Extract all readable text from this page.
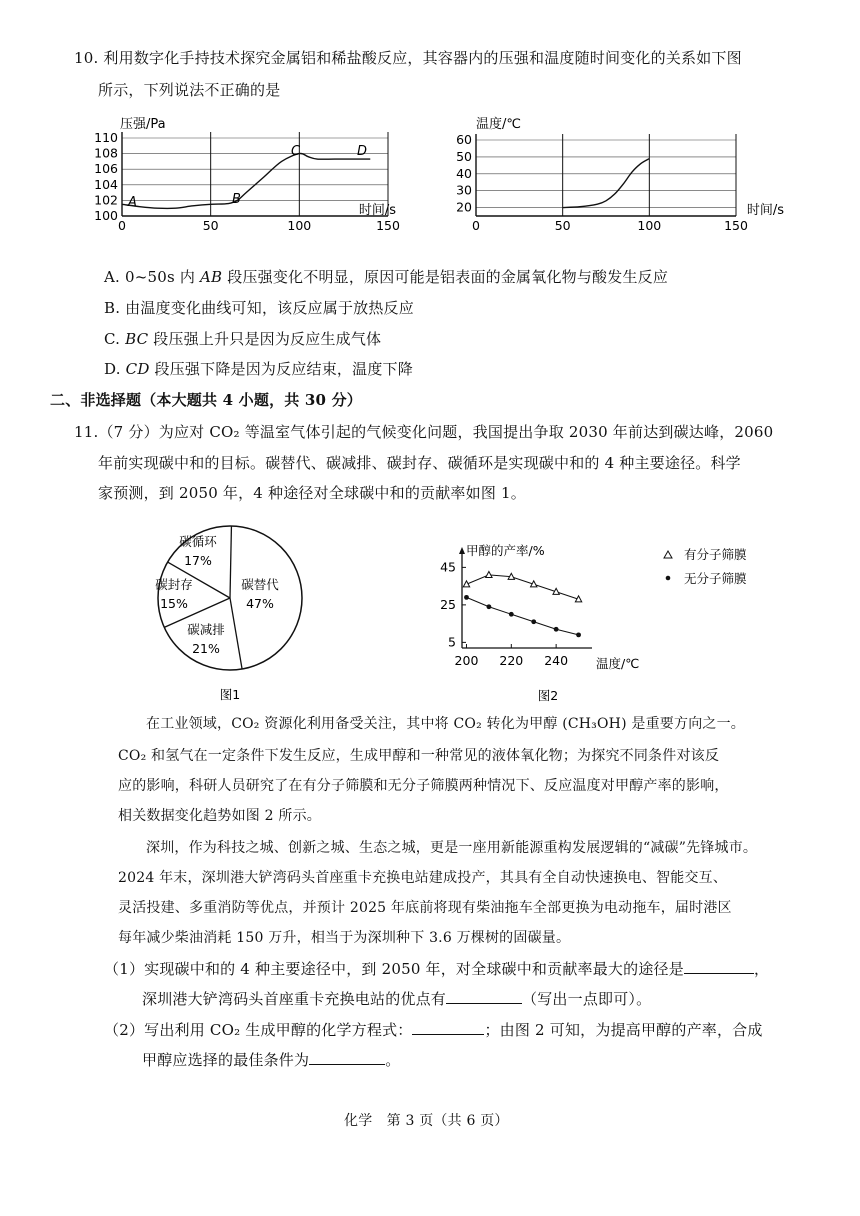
10. 利用数字化手持技术探究金属铝和稀盐酸反应，其容器内的压强和温度随时间变化的关系如下图
所示，下列说法不正确的是
100
102
104
106
108
110
0	50	100	150
压强/Pa
时间/s
A	B
C	D
20
30
40
50
60
0	50	100	150
温度/℃
时间/s
A. 0~50s 内 AB 段压强变化不明显，原因可能是铝表面的金属氧化物与酸发生反应
B. 由温度变化曲线可知，该反应属于放热反应
C. BC 段压强上升只是因为反应生成气体
D. CD 段压强下降是因为反应结束，温度下降
二、非选择题（本大题共 4 小题，共 30 分）
11.（7 分）为应对 CO₂ 等温室气体引起的气候变化问题，我国提出争取 2030 年前达到碳达峰，2060
年前实现碳中和的目标。碳替代、碳减排、碳封存、碳循环是实现碳中和的 4 种主要途径。科学
家预测，到 2050 年，4 种途径对全球碳中和的贡献率如图 1。
碳循环
17%
碳封存
15%
碳替代
47%
碳减排
21%
图1
5
25
45
200 220 240
甲醇的产率/%
温度/℃
有分子筛膜
无分子筛膜
图2
在工业领域，CO₂ 资源化利用备受关注，其中将 CO₂ 转化为甲醇 (CH₃OH) 是重要方向之一。
CO₂ 和氢气在一定条件下发生反应，生成甲醇和一种常见的液体氧化物；为探究不同条件对该反
应的影响，科研人员研究了在有分子筛膜和无分子筛膜两种情况下、反应温度对甲醇产率的影响，
相关数据变化趋势如图 2 所示。
深圳，作为科技之城、创新之城、生态之城，更是一座用新能源重构发展逻辑的“减碳”先锋城市。
2024 年末，深圳港大铲湾码头首座重卡充换电站建成投产，其具有全自动快速换电、智能交互、
灵活投建、多重消防等优点，并预计 2025 年底前将现有柴油拖车全部更换为电动拖车，届时港区
每年减少柴油消耗 150 万升，相当于为深圳种下 3.6 万棵树的固碳量。
（1）实现碳中和的 4 种主要途径中，到 2050 年，对全球碳中和贡献率最大的途径是	，
深圳港大铲湾码头首座重卡充换电站的优点有	（写出一点即可）。
（2）写出利用 CO₂ 生成甲醇的化学方程式：	；由图 2 可知，为提高甲醇的产率，合成
甲醇应选择的最佳条件为	。
化学　第 3 页（共 6 页）
